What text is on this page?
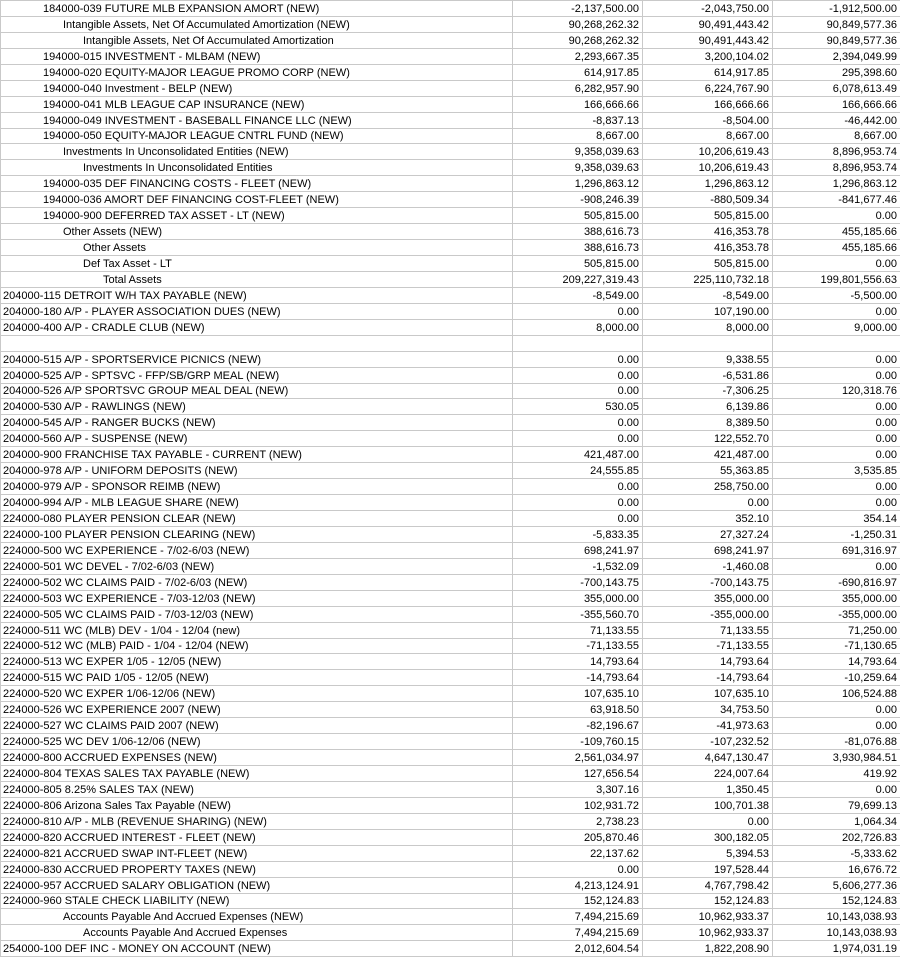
184000-039 FUTURE MLB EXPANSION AMORT (NEW)	-2,137,500.00	-2,043,750.00	-1,912,500.00
Intangible Assets, Net Of Accumulated Amortization (NEW)	90,268,262.32	90,491,443.42	90,849,577.36
Intangible Assets, Net Of Accumulated Amortization	90,268,262.32	90,491,443.42	90,849,577.36
194000-015 INVESTMENT - MLBAM (NEW)	2,293,667.35	3,200,104.02	2,394,049.99
194000-020 EQUITY-MAJOR LEAGUE PROMO CORP (NEW)	614,917.85	614,917.85	295,398.60
194000-040 Investment - BELP (NEW)	6,282,957.90	6,224,767.90	6,078,613.49
194000-041 MLB LEAGUE CAP INSURANCE (NEW)	166,666.66	166,666.66	166,666.66
194000-049 INVESTMENT - BASEBALL FINANCE LLC (NEW)	-8,837.13	-8,504.00	-46,442.00
194000-050 EQUITY-MAJOR LEAGUE CNTRL FUND (NEW)	8,667.00	8,667.00	8,667.00
Investments In Unconsolidated Entities (NEW)	9,358,039.63	10,206,619.43	8,896,953.74
Investments In Unconsolidated Entities	9,358,039.63	10,206,619.43	8,896,953.74
194000-035 DEF FINANCING COSTS - FLEET (NEW)	1,296,863.12	1,296,863.12	1,296,863.12
194000-036 AMORT DEF FINANCING COST-FLEET (NEW)	-908,246.39	-880,509.34	-841,677.46
194000-900 DEFERRED TAX ASSET - LT (NEW)	505,815.00	505,815.00	0.00
Other Assets (NEW)	388,616.73	416,353.78	455,185.66
Other Assets	388,616.73	416,353.78	455,185.66
Def Tax Asset - LT	505,815.00	505,815.00	0.00
Total Assets	209,227,319.43	225,110,732.18	199,801,556.63
204000-115 DETROIT W/H TAX PAYABLE (NEW)	-8,549.00	-8,549.00	-5,500.00
204000-180 A/P - PLAYER ASSOCIATION DUES (NEW)	0.00	107,190.00	0.00
204000-400 A/P - CRADLE CLUB (NEW)	8,000.00	8,000.00	9,000.00

204000-515 A/P - SPORTSERVICE PICNICS (NEW)	0.00	9,338.55	0.00
204000-525 A/P - SPTSVC - FFP/SB/GRP MEAL (NEW)	0.00	-6,531.86	0.00
204000-526 A/P SPORTSVC GROUP MEAL DEAL (NEW)	0.00	-7,306.25	120,318.76
204000-530 A/P - RAWLINGS (NEW)	530.05	6,139.86	0.00
204000-545 A/P - RANGER BUCKS (NEW)	0.00	8,389.50	0.00
204000-560 A/P - SUSPENSE (NEW)	0.00	122,552.70	0.00
204000-900 FRANCHISE TAX PAYABLE - CURRENT (NEW)	421,487.00	421,487.00	0.00
204000-978 A/P - UNIFORM DEPOSITS (NEW)	24,555.85	55,363.85	3,535.85
204000-979 A/P - SPONSOR REIMB (NEW)	0.00	258,750.00	0.00
204000-994 A/P - MLB LEAGUE SHARE (NEW)	0.00	0.00	0.00
224000-080 PLAYER PENSION CLEAR (NEW)	0.00	352.10	354.14
224000-100 PLAYER PENSION CLEARING (NEW)	-5,833.35	27,327.24	-1,250.31
224000-500 WC EXPERIENCE - 7/02-6/03 (NEW)	698,241.97	698,241.97	691,316.97
224000-501 WC DEVEL - 7/02-6/03 (NEW)	-1,532.09	-1,460.08	0.00
224000-502 WC CLAIMS PAID - 7/02-6/03 (NEW)	-700,143.75	-700,143.75	-690,816.97
224000-503 WC EXPERIENCE - 7/03-12/03 (NEW)	355,000.00	355,000.00	355,000.00
224000-505 WC CLAIMS PAID - 7/03-12/03 (NEW)	-355,560.70	-355,000.00	-355,000.00
224000-511 WC (MLB) DEV - 1/04 - 12/04 (new)	71,133.55	71,133.55	71,250.00
224000-512 WC (MLB) PAID - 1/04 - 12/04 (NEW)	-71,133.55	-71,133.55	-71,130.65
224000-513 WC EXPER 1/05 - 12/05 (NEW)	14,793.64	14,793.64	14,793.64
224000-515 WC PAID 1/05 - 12/05 (NEW)	-14,793.64	-14,793.64	-10,259.64
224000-520 WC EXPER 1/06-12/06 (NEW)	107,635.10	107,635.10	106,524.88
224000-526 WC EXPERIENCE 2007 (NEW)	63,918.50	34,753.50	0.00
224000-527 WC CLAIMS PAID 2007 (NEW)	-82,196.67	-41,973.63	0.00
224000-525 WC DEV 1/06-12/06 (NEW)	-109,760.15	-107,232.52	-81,076.88
224000-800 ACCRUED EXPENSES (NEW)	2,561,034.97	4,647,130.47	3,930,984.51
224000-804 TEXAS SALES TAX PAYABLE (NEW)	127,656.54	224,007.64	419.92
224000-805 8.25% SALES TAX (NEW)	3,307.16	1,350.45	0.00
224000-806 Arizona Sales Tax Payable (NEW)	102,931.72	100,701.38	79,699.13
224000-810 A/P - MLB (REVENUE SHARING) (NEW)	2,738.23	0.00	1,064.34
224000-820 ACCRUED INTEREST - FLEET (NEW)	205,870.46	300,182.05	202,726.83
224000-821 ACCRUED SWAP INT-FLEET (NEW)	22,137.62	5,394.53	-5,333.62
224000-830 ACCRUED PROPERTY TAXES (NEW)	0.00	197,528.44	16,676.72
224000-957 ACCRUED SALARY OBLIGATION (NEW)	4,213,124.91	4,767,798.42	5,606,277.36
224000-960 STALE CHECK LIABILITY (NEW)	152,124.83	152,124.83	152,124.83
Accounts Payable And Accrued Expenses (NEW)	7,494,215.69	10,962,933.37	10,143,038.93
Accounts Payable And Accrued Expenses	7,494,215.69	10,962,933.37	10,143,038.93
254000-100 DEF INC - MONEY ON ACCOUNT (NEW)	2,012,604.54	1,822,208.90	1,974,031.19
